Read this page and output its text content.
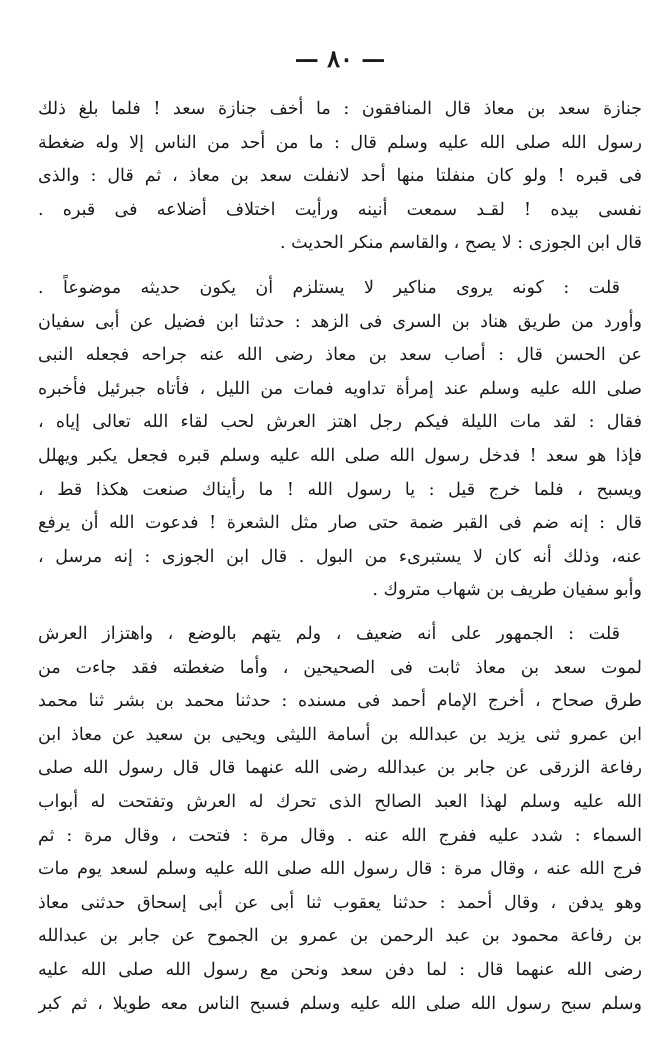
— ٨٠ —
جنازة سعد بن معاذ قال المنافقون : ما أخف جنازة سعد ! فلما بلغ ذلك
رسول الله صلى الله عليه وسلم قال : ما من أحد من الناس إلا وله ضغطة
فى قبره ! ولو كان منفلتا منها أحد لانفلت سعد بن معاذ ، ثم قال : والذى
نفسى بيده ! لقـد سمعت أنينه ورأيت اختلاف أضلاعه فى قبره .
قال ابن الجوزى : لا يصح ، والقاسم منكر الحديث .
قلت : كونه يروى مناكير لا يستلزم أن يكون حديثه موضوعاً .
وأورد من طريق هناد بن السرى فى الزهد : حدثنا ابن فضيل عن أبى سفيان
عن الحسن قال : أصاب سعد بن معاذ رضى الله عنه جراحه فجعله النبى
صلى الله عليه وسلم عند إمرأة تداويه فمات من الليل ، فأتاه جبرئيل فأخبره
فقال : لقد مات الليلة فيكم رجل اهتز العرش لحب لقاء الله تعالى إياه ،
فإذا هو سعد ! فدخل رسول الله صلى الله عليه وسلم قبره فجعل يكبر ويهلل
ويسبح ، فلما خرج قيل : يا رسول الله ! ما رأيناك صنعت هكذا قط ،
قال : إنه ضم فى القبر ضمة حتى صار مثل الشعرة ! فدعوت الله أن يرفع
عنه، وذلك أنه كان لا يستبرىء من البول . قال ابن الجوزى : إنه مرسل ،
وأبو سفيان طريف بن شهاب متروك .
قلت : الجمهور على أنه ضعيف ، ولم يتهم بالوضع ، واهتزاز العرش
لموت سعد بن معاذ ثابت فى الصحيحين ، وأما ضغطته فقد جاءت من
طرق صحاح ، أخرج الإمام أحمد فى مسنده : حدثنا محمد بن بشر ثنا محمد
ابن عمرو ثنى يزيد بن عبدالله بن أسامة الليثى ويحيى بن سعيد عن معاذ ابن
رفاعة الزرقى عن جابر بن عبدالله رضى الله عنهما قال قال رسول الله صلى
الله عليه وسلم لهذا العبد الصالح الذى تحرك له العرش وتفتحت له أبواب
السماء : شدد عليه ففرج الله عنه . وقال مرة : فتحت ، وقال مرة : ثم
فرج الله عنه ، وقال مرة : قال رسول الله صلى الله عليه وسلم لسعد يوم مات
وهو يدفن ، وقال أحمد : حدثنا يعقوب ثنا أبى عن أبى إسحاق حدثنى معاذ
بن رفاعة محمود بن عبد الرحمن بن عمرو بن الجموح عن جابر بن عبدالله
رضى الله عنهما قال : لما دفن سعد ونحن مع رسول الله صلى الله عليه
وسلم سبح رسول الله صلى الله عليه وسلم فسبح الناس معه طويلا ، ثم كبر
